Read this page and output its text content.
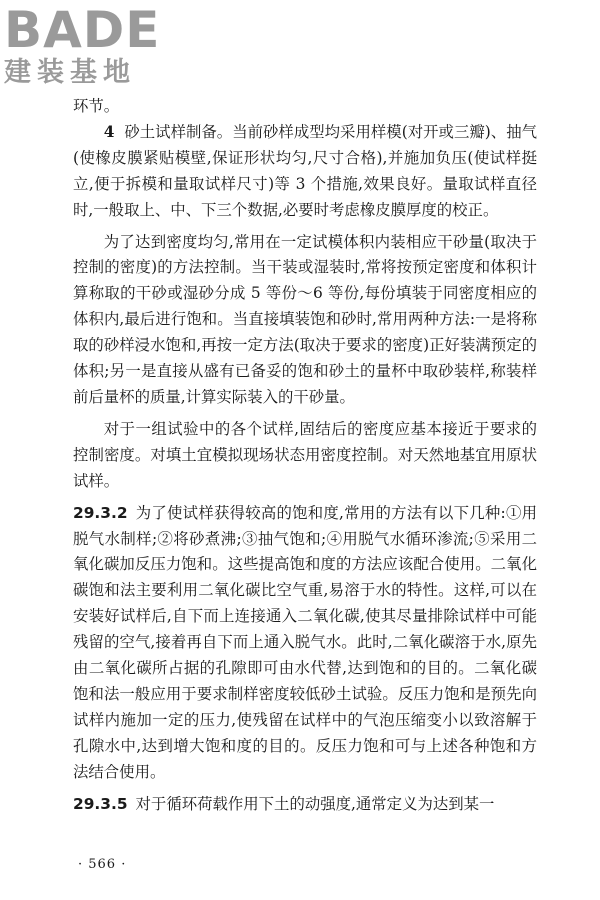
BADE
建装基地

环节。

4 砂土试样制备。当前砂样成型均采用样模(对开或三瓣)、抽气(使橡皮膜紧贴模壁,保证形状均匀,尺寸合格),并施加负压(使试样挺立,便于拆模和量取试样尺寸)等 3 个措施,效果良好。量取试样直径时,一般取上、中、下三个数据,必要时考虑橡皮膜厚度的校正。

为了达到密度均匀,常用在一定试模体积内装相应干砂量(取决于控制的密度)的方法控制。当干装或湿装时,常将按预定密度和体积计算称取的干砂或湿砂分成 5 等份～6 等份,每份填装于同密度相应的体积内,最后进行饱和。当直接填装饱和砂时,常用两种方法:一是将称取的砂样浸水饱和,再按一定方法(取决于要求的密度)正好装满预定的体积;另一是直接从盛有已备妥的饱和砂土的量杯中取砂装样,称装样前后量杯的质量,计算实际装入的干砂量。

对于一组试验中的各个试样,固结后的密度应基本接近于要求的控制密度。对填土宜模拟现场状态用密度控制。对天然地基宜用原状试样。

29.3.2 为了使试样获得较高的饱和度,常用的方法有以下几种:①用脱气水制样;②将砂煮沸;③抽气饱和;④用脱气水循环渗流;⑤采用二氧化碳加反压力饱和。这些提高饱和度的方法应该配合使用。二氧化碳饱和法主要利用二氧化碳比空气重,易溶于水的特性。这样,可以在安装好试样后,自下而上连接通入二氧化碳,使其尽量排除试样中可能残留的空气,接着再自下而上通入脱气水。此时,二氧化碳溶于水,原先由二氧化碳所占据的孔隙即可由水代替,达到饱和的目的。二氧化碳饱和法一般应用于要求制样密度较低砂土试验。反压力饱和是预先向试样内施加一定的压力,使残留在试样中的气泡压缩变小以致溶解于孔隙水中,达到增大饱和度的目的。反压力饱和可与上述各种饱和方法结合使用。

29.3.5 对于循环荷载作用下土的动强度,通常定义为达到某一

· 566 ·
